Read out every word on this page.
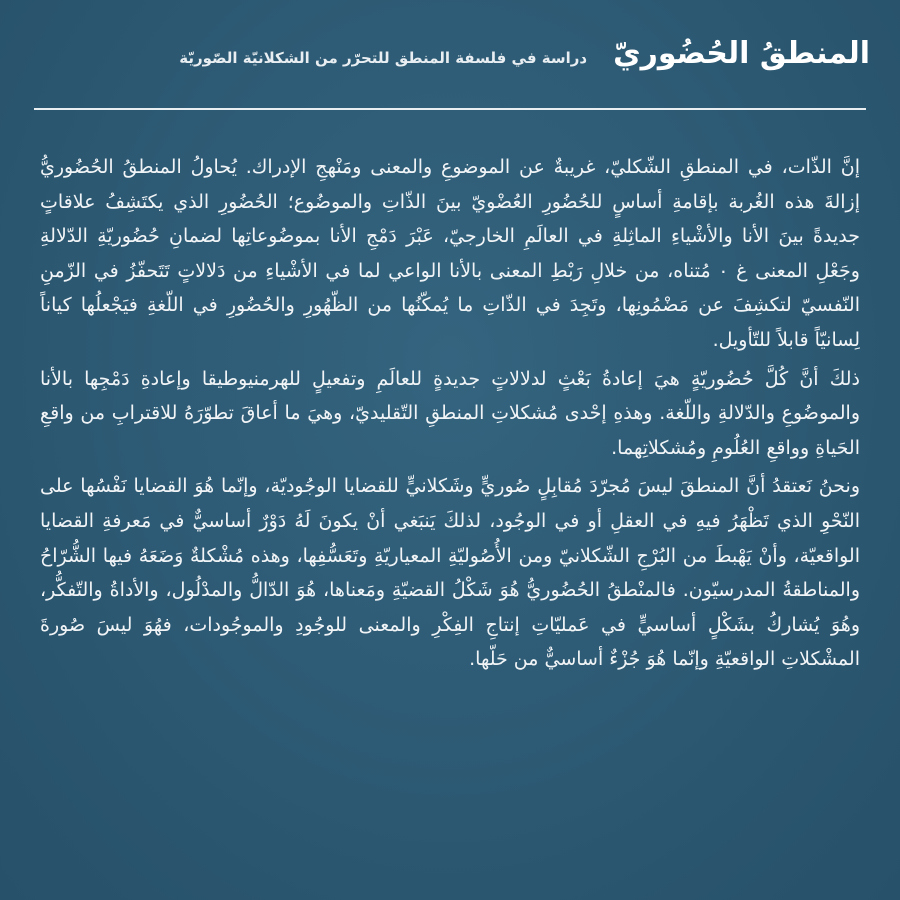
المنطقُ الحُضُوريّ
دراسة في فلسفة المنطق للتحرّر من الشكلانيّة الصّوريّة

إنَّ الذّات، في المنطقِ الشّكليّ، غريبةٌ عن الموضوعِ والمعنى ومَنْهجِ الإدراك. يُحاولُ المنطقُ الحُضُوريُّ إزالةَ هذه الغُربة بإقامةِ أساسٍ للحُضُورِ العُضْويّ بينَ الذّاتِ والموضُوع؛ الحُضُورِ الذي يكتَشِفُ علاقاتٍ جديدةً بينَ الأنا والأشْياءِ الماثِلةِ في العالَمِ الخارجيّ، عَبْرَ دَمْجِ الأنا بموضُوعاتِها لضمانِ حُضُوريّةِ الدّلالةِ وجَعْلِ المعنى غ ٠ مُتناه، من خلالِ رَبْطِ المعنى بالأنا الواعي لما في الأشْياءِ من دَلالاتٍ تَتَحفّزُ في الزّمنِ النّفسيّ لتكشِفَ عن مَضْمُونِها، وتَجِدَ في الذّاتِ ما يُمكّنُها من الظّهُورِ والحُضُورِ في اللّغةِ فيَجْعلُها كياناً لِسانيّاً قابلاً للتّأويل.

ذلكَ أنَّ كُلَّ حُضُوريّةٍ هيَ إعادةُ بَعْثٍ لدلالاتٍ جديدةٍ للعالَمِ وتفعيلٍ للهرمنيوطيقا وإعادةِ دَمْجِها بالأنا والموضُوعِ والدّلالةِ واللّغة. وهذهِ إحْدى مُشكلاتِ المنطقِ التّقليديّ، وهيَ ما أعاقَ تطوّرَهُ للاقترابِ من واقعِ الحَياةِ وواقعِ العُلُومِ ومُشكلاتِهما.

ونحنُ نَعتقدُ أنَّ المنطقَ ليسَ مُجرّدَ مُقابِلٍ صُوريٍّ وشَكلانيٍّ للقضايا الوجُوديّة، وإنّما هُوَ القضايا نَفْسُها على النّحْوِ الذي تَظْهَرُ فيهِ في العقلِ أو في الوجُود، لذلكَ يَنبَغي أنْ يكونَ لَهُ دَوْرٌ أساسيٌّ في مَعرفةِ القضايا الواقعيّة، وأنْ يَهْبطَ من البُرْجِ الشّكلانيّ ومن الأُصُوليّةِ المعياريّةِ وتَعَسُّفِها، وهذه مُشْكلةٌ وَضَعَهُ فيها الشُّرّاحُ والمناطقةُ المدرسيّون. فالمنْطقُ الحُضُوريُّ هُوَ شَكْلُ القضيّةِ ومَعناها، هُوَ الدّالُّ والمدْلُول، والأداةُ والتّفكُّر، وهُوَ يُشاركُ بشَكْلٍ أساسيٍّ في عَمليّاتِ إنتاجِ الفِكْرِ والمعنى للوجُودِ والموجُودات، فهُوَ ليسَ صُورةَ المشْكلاتِ الواقعيّةِ وإنّما هُوَ جُزْءٌ أساسيٌّ من حَلّها.
